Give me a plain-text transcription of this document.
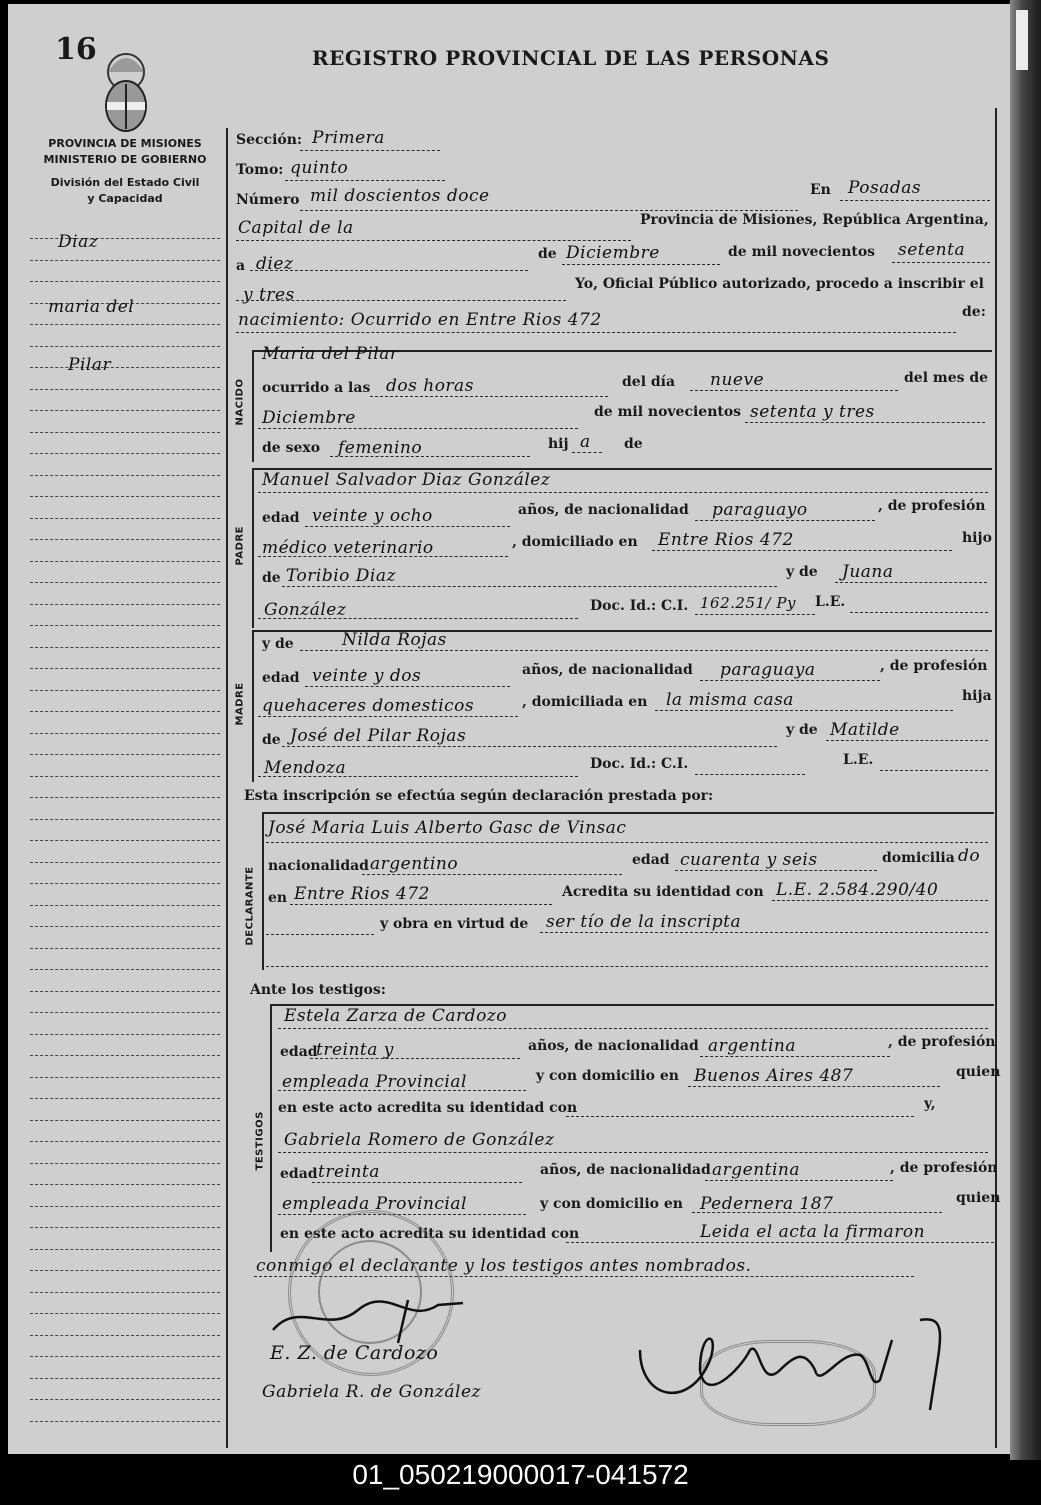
16	REGISTRO PROVINCIAL DE LAS PERSONAS
PROVINCIA DE MISIONES
MINISTERIO DE GOBIERNO
División del Estado Civil
y Capacidad
Diaz
maria del
Pilar
Sección: Primera
Tomo: quinto
Número mil doscientos doce	En Posadas
Capital de la	Provincia de Misiones, República Argentina,
a diez	de Diciembre	de mil novecientos setenta
y tres
Yo, Oficial Público autorizado, procedo a inscribir el
nacimiento: Ocurrido en Entre Rios 472	de:
NACIDO
Maria del Pilar
ocurrido a las dos horas	del día nueve	del mes de
Diciembre	de mil novecientos setenta y tres
de sexo femenino	hij a de
PADRE
Manuel Salvador Diaz González
edad veinte y ocho	años, de nacionalidad paraguayo	, de profesión
médico veterinario	, domiciliado en Entre Rios 472	hijo
de Toribio Diaz	y de Juana
González	Doc. Id.: C.I. 162.251/ Py L.E.
MADRE
y de	Nilda Rojas
edad veinte y dos	años, de nacionalidad paraguaya	, de profesión
quehaceres domesticos	, domiciliada en la misma casa	hija
de José del Pilar Rojas	y de Matilde
Mendoza	Doc. Id.: C.I.	L.E.
Esta inscripción se efectúa según declaración prestada por:
DECLARANTE
José Maria Luis Alberto Gasc de Vinsac
nacionalidad argentino	edad cuarenta y seis	domicilia do
en Entre Rios 472	Acredita su identidad con L.E. 2.584.290/40
y obra en virtud de ser tío de la inscripta
Ante los testigos:
TESTIGOS
Estela Zarza de Cardozo
edad
treinta y	años, de nacionalidad argentina	, de profesión
empleada Provincial	y con domicilio en Buenos Aires 487	quien
en este acto acredita su identidad con	y,
Gabriela Romero de González
edad treinta	años, de nacionalidad argentina	, de profesión
empleada Provincial	y con domicilio en Pedernera 187	quien
en este acto acredita su identidad con	Leida el acta la firmaron
conmigo el declarante y los testigos antes nombrados.
E. Z. de Cardozo
Gabriela R. de González
01_050219000017-041572
